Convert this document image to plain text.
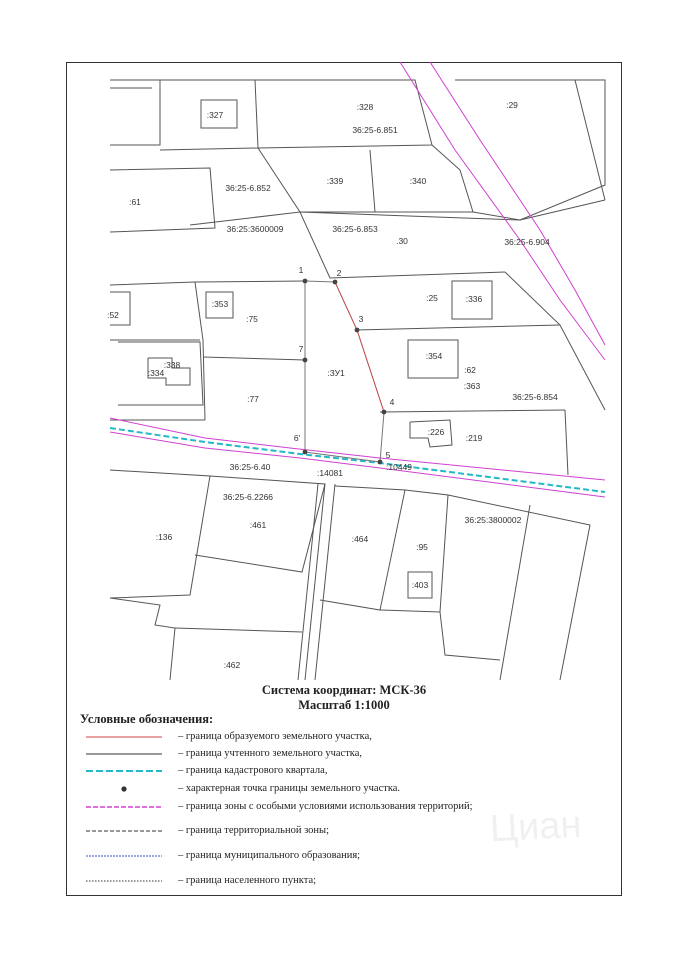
:327
:328	:29
36:25-6.851
:339	:340
36:25-6.852
:61
36:25:3600009	36:25-6.853
.30	36:25-6.904
:353
:75
:25	:336
:52
:334
:338
:ЗУ1
:354
:62
:363
36:25-6.854
:77
:226
:219
36:25-6.40
:14081
:10449
36:25-6.2266
:136
:461
:464
:95
36:25:3800002
:403
:462
1	2
3
4
5
6'
7
Система координат: МСК-36
Масштаб 1:1000
Условные обозначения:
– граница образуемого земельного участка,
– граница учтенного земельного участка,
– граница кадастрового квартала,
– характерная точка границы земельного участка.
– граница зоны с особыми условиями использования территорий;
– граница территориальной зоны;
– граница муниципального образования;
– граница населенного пункта;
Циан
